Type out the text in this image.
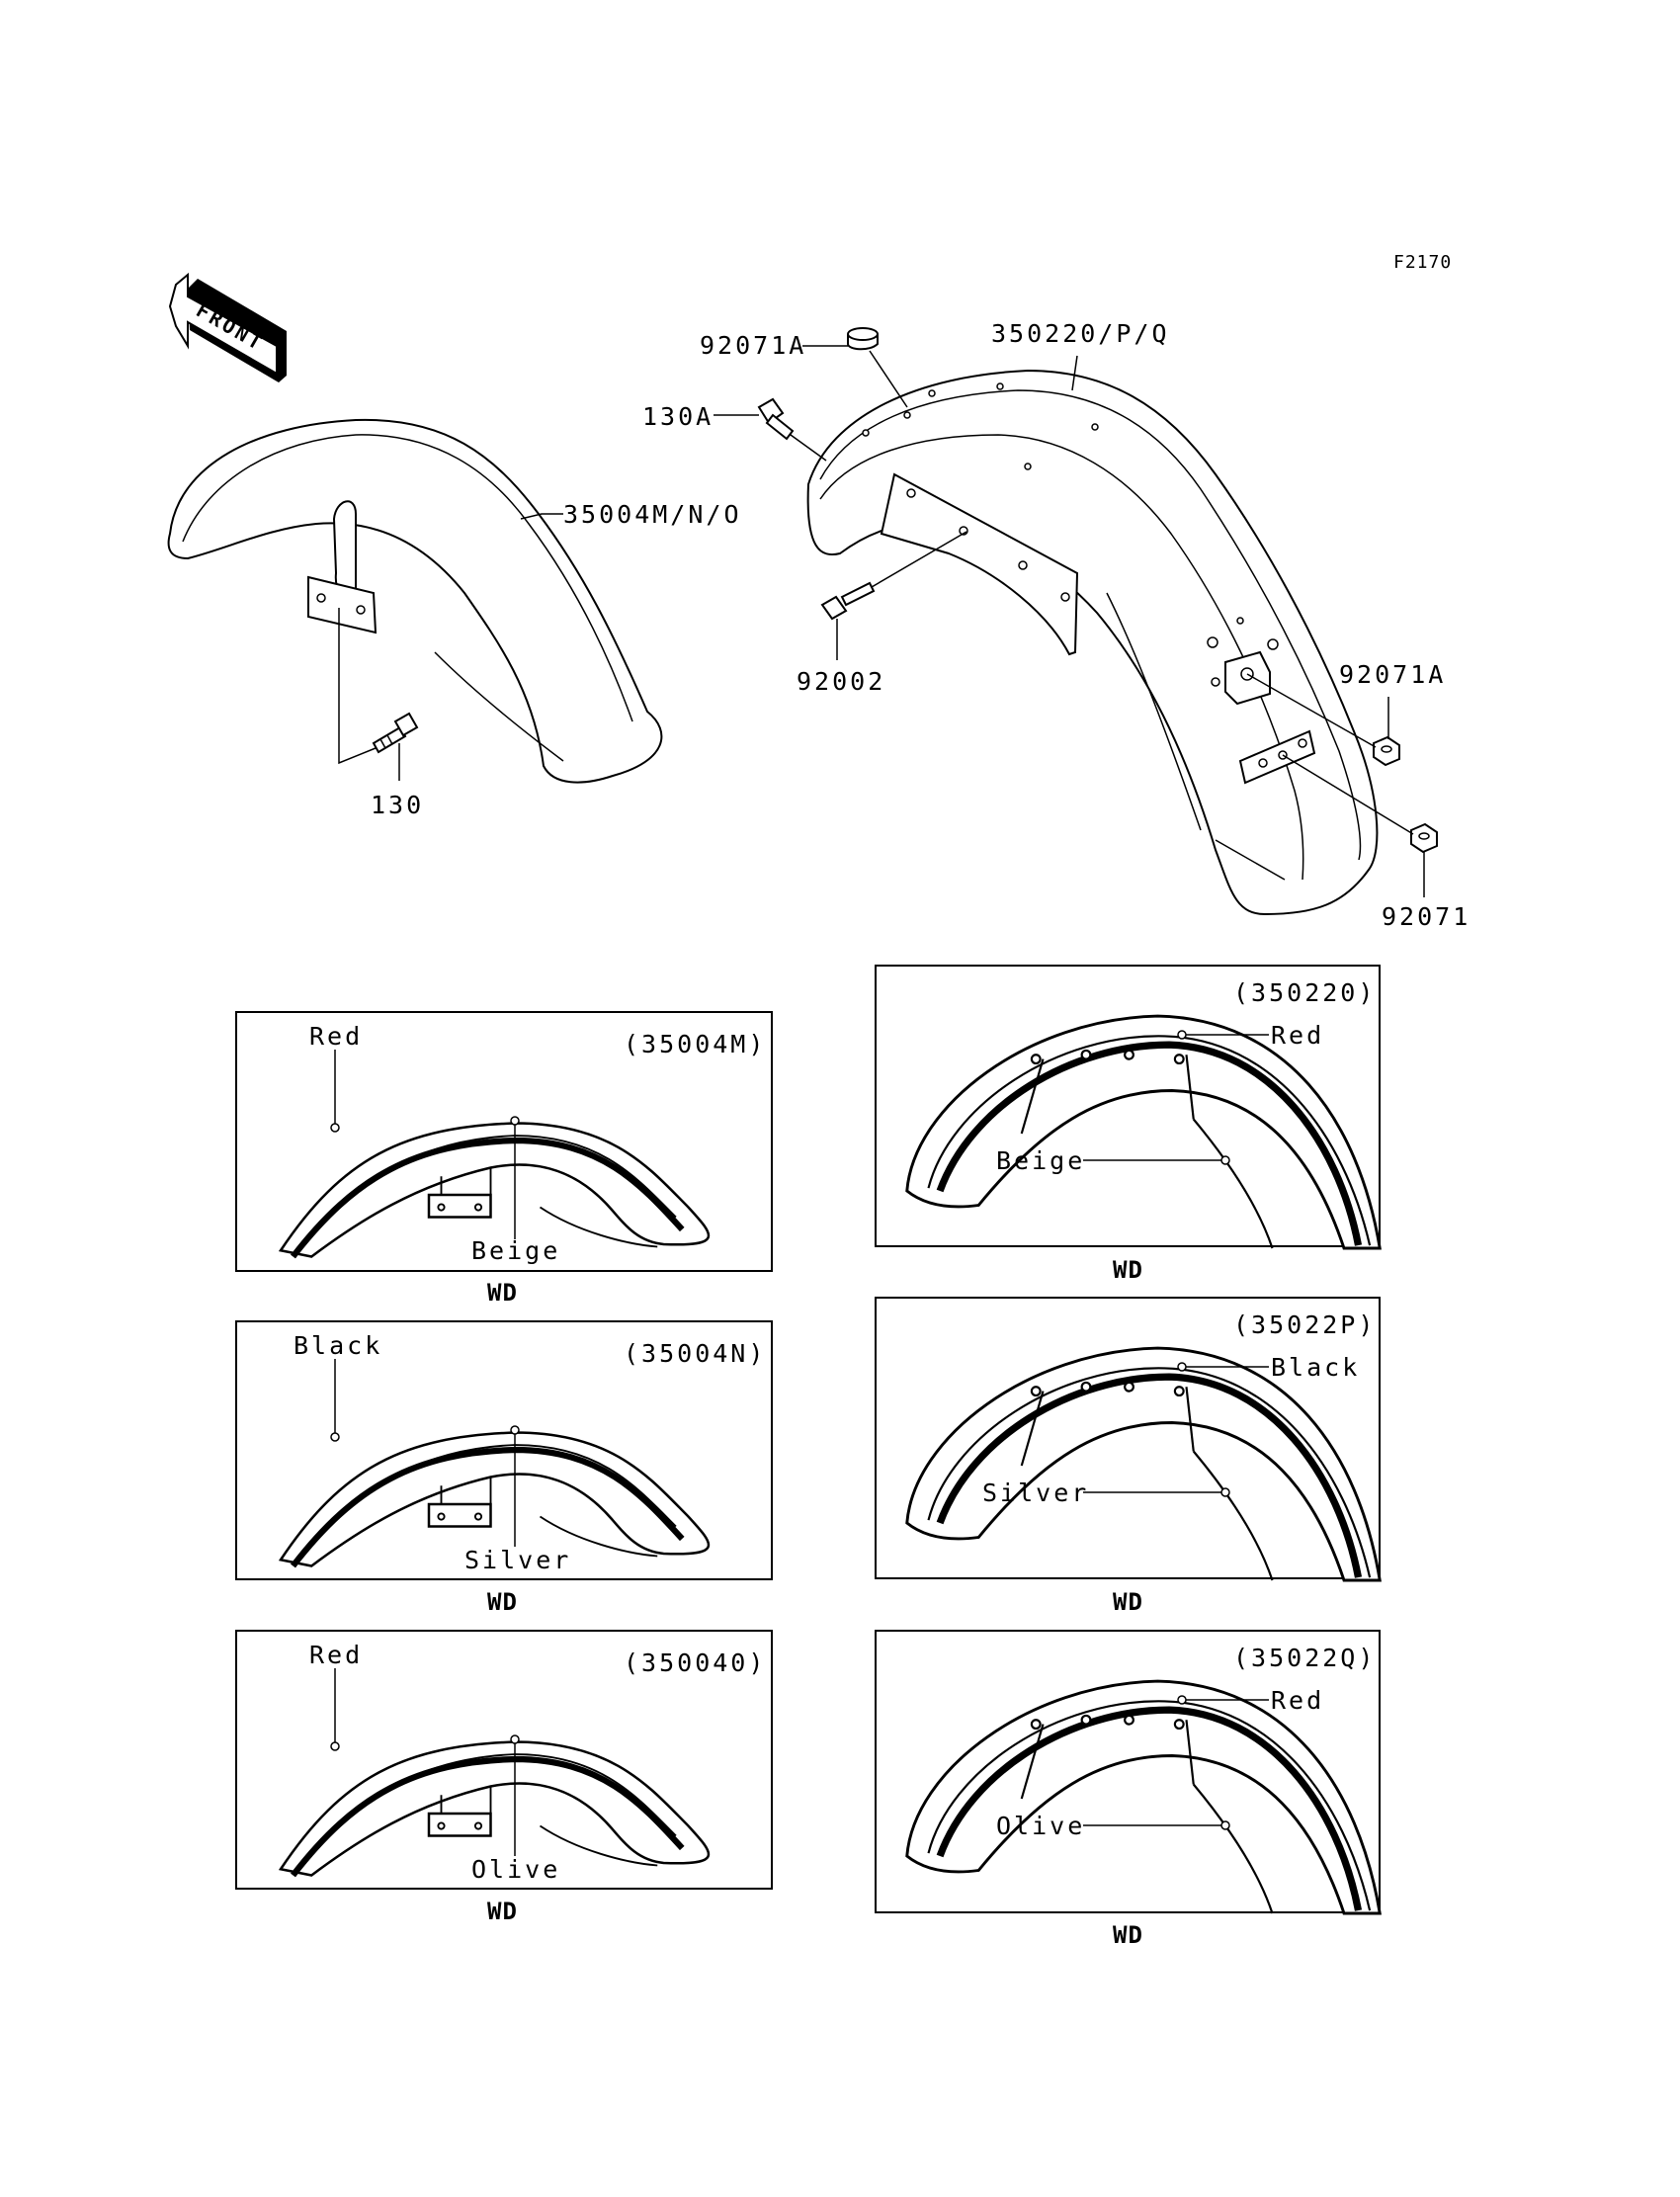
F2170
FRONT
130
35004M/N/O
92071A	350220/P/Q
130A
92002	92071A
92071
(35004M)
Red
Beige
WD
(35004N)
Black
Silver
WD
(350040)
Red
Olive
WD
(350220)
Red
Beige
WD
(35022P)
Black
Silver
WD
(35022Q)
Red
Olive
WD
